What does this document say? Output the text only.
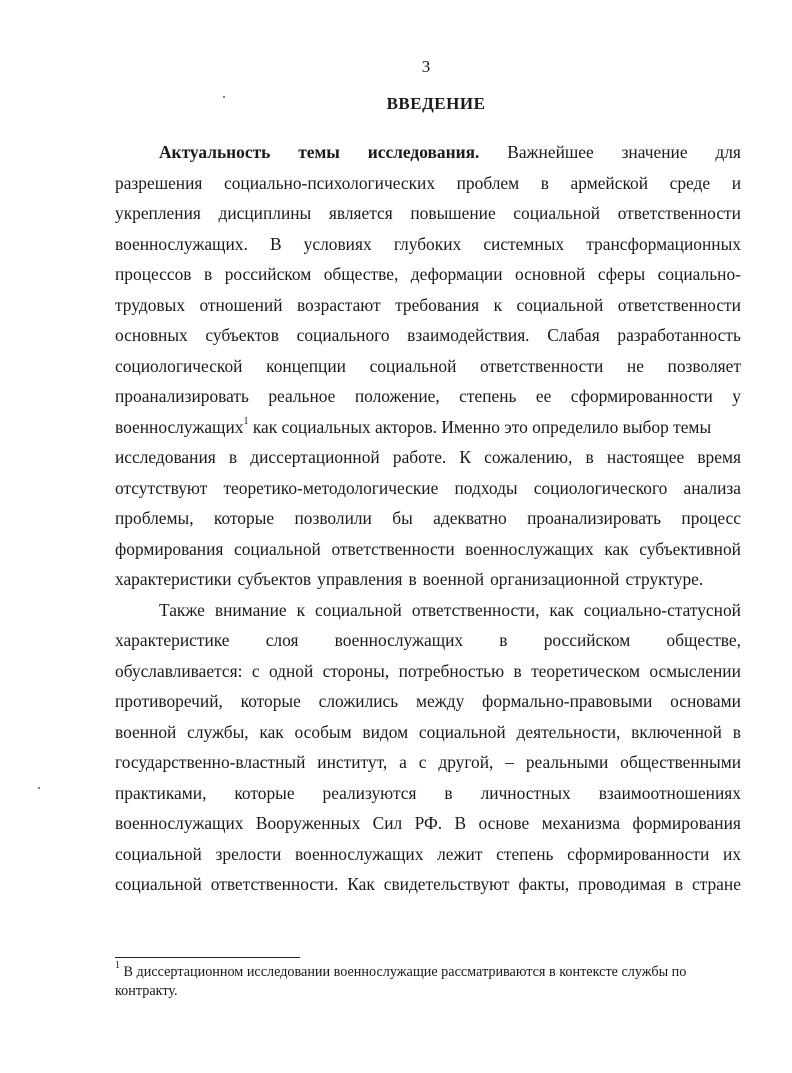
3
ВВЕДЕНИЕ
Актуальность темы исследования. Важнейшее значение для
разрешения социально-психологических проблем в армейской среде и
укрепления дисциплины является повышение социальной ответственности
военнослужащих. В условиях глубоких системных трансформационных
процессов в российском обществе, деформации основной сферы социально-
трудовых отношений возрастают требования к социальной ответственности
основных субъектов социального взаимодействия. Слабая разработанность
социологической концепции социальной ответственности не позволяет
проанализировать реальное положение, степень ее сформированности у
военнослужащих$^1$ как социальных акторов. Именно это определило выбор темы
исследования в диссертационной работе. К сожалению, в настоящее время
отсутствуют теоретико-методологические подходы социологического анализа
проблемы, которые позволили бы адекватно проанализировать процесс
формирования социальной ответственности военнослужащих как субъективной
характеристики субъектов управления в военной организационной структуре.
Также внимание к социальной ответственности, как социально-статусной
характеристике слоя военнослужащих в российском обществе,
обуславливается: с одной стороны, потребностью в теоретическом осмыслении
противоречий, которые сложились между формально-правовыми основами
военной службы, как особым видом социальной деятельности, включенной в
государственно-властный институт, а с другой, – реальными общественными
практиками, которые реализуются в личностных взаимоотношениях
военнослужащих Вооруженных Сил РФ. В основе механизма формирования
социальной зрелости военнослужащих лежит степень сформированности их
социальной ответственности. Как свидетельствуют факты, проводимая в стране
$^1$ В диссертационном исследовании военнослужащие рассматриваются в контексте службы по контракту.
